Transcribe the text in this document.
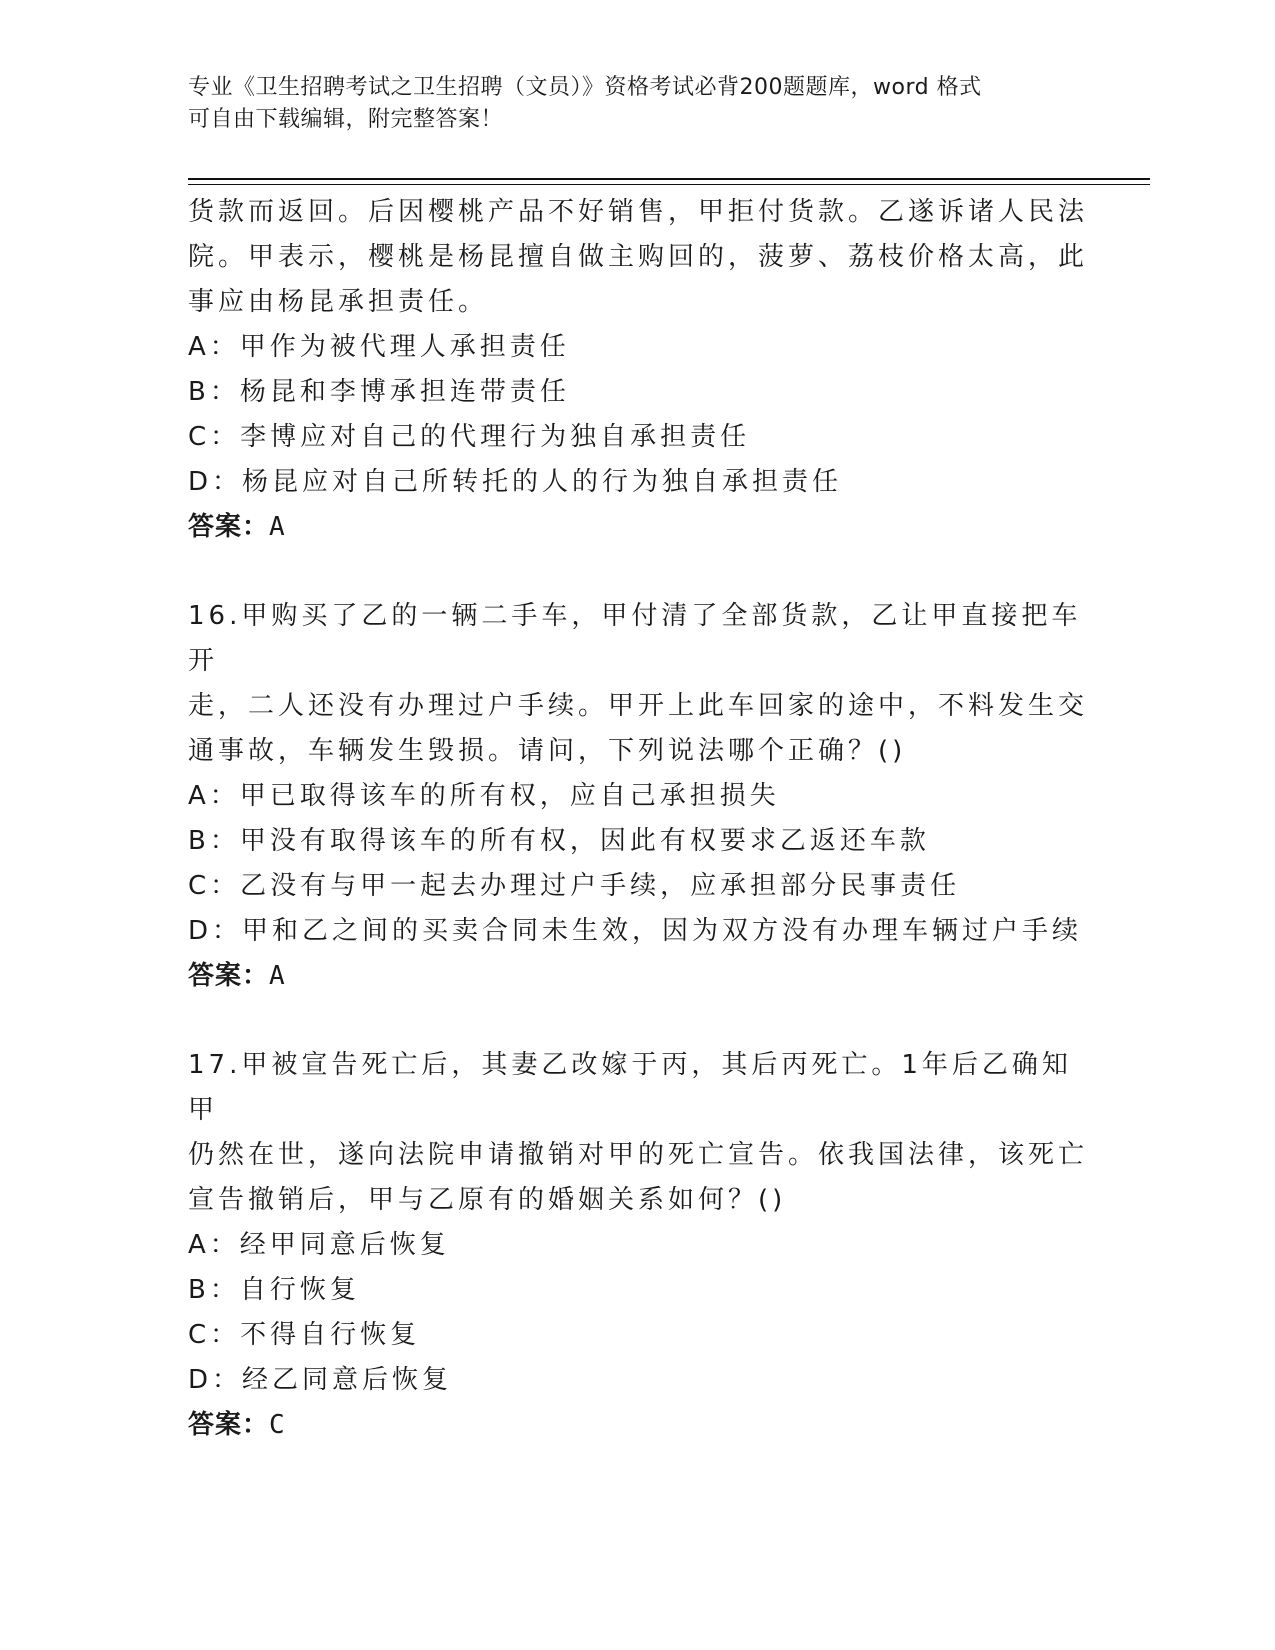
专业《卫生招聘考试之卫生招聘（文员）》资格考试必背200题题库，word 格式
可自由下载编辑，附完整答案！
货款而返回。后因樱桃产品不好销售，甲拒付货款。乙遂诉诸人民法
院。甲表示，樱桃是杨昆擅自做主购回的，菠萝、荔枝价格太高，此
事应由杨昆承担责任。
A：甲作为被代理人承担责任
B：杨昆和李博承担连带责任
C：李博应对自己的代理行为独自承担责任
D：杨昆应对自己所转托的人的行为独自承担责任
答案：A
16.甲购买了乙的一辆二手车，甲付清了全部货款，乙让甲直接把车开
走，二人还没有办理过户手续。甲开上此车回家的途中，不料发生交
通事故，车辆发生毁损。请问，下列说法哪个正确？()
A：甲已取得该车的所有权，应自己承担损失
B：甲没有取得该车的所有权，因此有权要求乙返还车款
C：乙没有与甲一起去办理过户手续，应承担部分民事责任
D：甲和乙之间的买卖合同未生效，因为双方没有办理车辆过户手续
答案：A
17.甲被宣告死亡后，其妻乙改嫁于丙，其后丙死亡。1年后乙确知甲
仍然在世，遂向法院申请撤销对甲的死亡宣告。依我国法律，该死亡
宣告撤销后，甲与乙原有的婚姻关系如何？()
A：经甲同意后恢复
B：自行恢复
C：不得自行恢复
D：经乙同意后恢复
答案：C
